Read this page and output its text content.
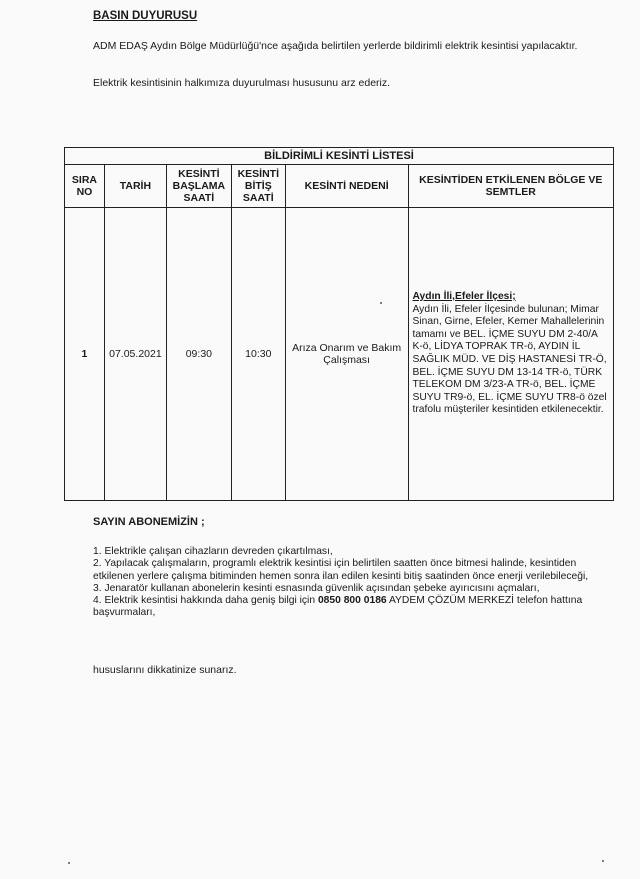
BASIN DUYURUSU
ADM EDAŞ Aydın Bölge Müdürlüğü'nce aşağıda belirtilen yerlerde bildirimli elektrik kesintisi yapılacaktır.
Elektrik kesintisinin halkımıza duyurulması hususunu arz ederiz.
BİLDİRİMLİ KESİNTİ LİSTESİ					
SIRA NO	TARİH	KESİNTİ BAŞLAMA SAATİ	KESİNTİ BİTİŞ SAATİ	KESİNTİ NEDENİ	KESİNTİDEN ETKİLENEN BÖLGE VE SEMTLER
1	07.05.2021	09:30	10:30	Arıza Onarım ve Bakım Çalışması	Aydın İli,Efeler İlçesi;
Aydın İli, Efeler İlçesinde bulunan; Mimar Sinan, Girne, Efeler, Kemer Mahallelerinin tamamı ve BEL. İÇME SUYU DM 2-40/A K-ö, LİDYA TOPRAK TR-ö, AYDIN İL SAĞLIK MÜD. VE DİŞ HASTANESİ TR-Ö, BEL. İÇME SUYU DM 13-14 TR-ö, TÜRK TELEKOM DM 3/23-A TR-ö, BEL. İÇME SUYU TR9-ö, EL. İÇME SUYU TR8-ö özel trafolu müşteriler kesintiden etkilenecektir.
SAYIN ABONEMİZİN ;

1. Elektrikle çalışan cihazların devreden çıkartılması,

2. Yapılacak çalışmaların, programlı elektrik kesintisi için belirtilen saatten önce bitmesi halinde, kesintiden etkilenen yerlere çalışma bitiminden hemen sonra ilan edilen kesinti bitiş saatinden önce enerji verilebileceği,

3. Jenaratör kullanan abonelerin kesinti esnasında güvenlik açısından şebeke ayırıcısını açmaları,

4. Elektrik kesintisi hakkında daha geniş bilgi için 0850 800 0186 AYDEM ÇÖZÜM MERKEZİ telefon hattına başvurmaları,

hususlarını dikkatinize sunarız.
